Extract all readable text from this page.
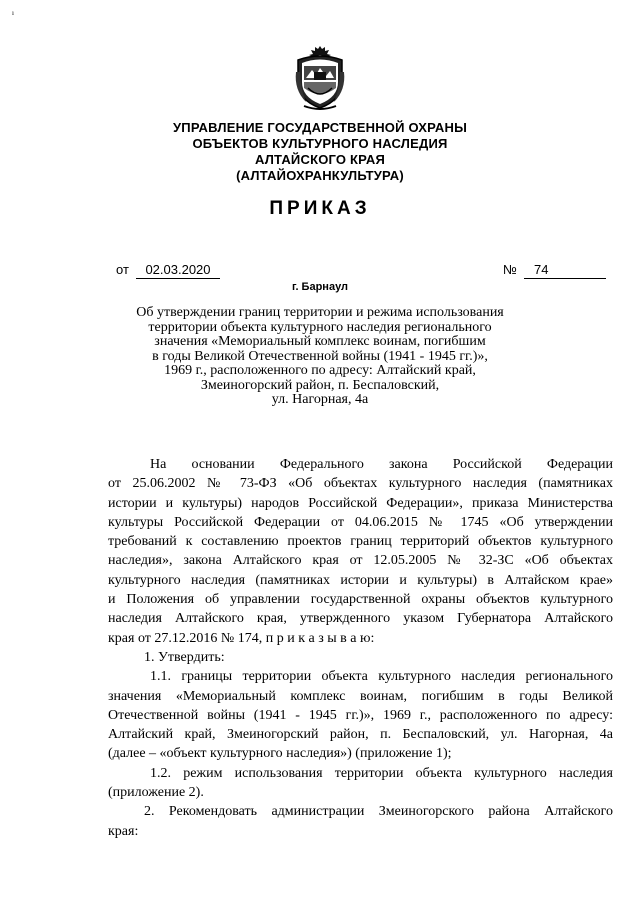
ı
УПРАВЛЕНИЕ ГОСУДАРСТВЕННОЙ ОХРАНЫ
ОБЪЕКТОВ КУЛЬТУРНОГО НАСЛЕДИЯ
АЛТАЙСКОГО КРАЯ
(АЛТАЙОХРАНКУЛЬТУРА)
ПРИКАЗ
от	02.03.2020	№	74
г. Барнаул
Об утверждении границ территории и режима использования
территории объекта культурного наследия регионального
значения «Мемориальный комплекс воинам, погибшим
в годы Великой Отечественной войны (1941 - 1945 гг.)»,
1969 г., расположенного по адресу: Алтайский край,
Змеиногорский район, п. Беспаловский,
ул. Нагорная, 4а

На основании Федерального закона Российской Федерации

от 25.06.2002 № 73-ФЗ «Об объектах культурного наследия (памятниках

истории и культуры) народов Российской Федерации», приказа Министерства

культуры Российской Федерации от 04.06.2015 № 1745 «Об утверждении

требований к составлению проектов границ территорий объектов культурного

наследия», закона Алтайского края от 12.05.2005 № 32-ЗС «Об объектах

культурного наследия (памятниках истории и культуры) в Алтайском крае»

и Положения об управлении государственной охраны объектов культурного

наследия Алтайского края, утвержденного указом Губернатора Алтайского

края от 27.12.2016 № 174, п р и к а з ы в а ю:

1. Утвердить:

1.1. границы территории объекта культурного наследия регионального

значения «Мемориальный комплекс воинам, погибшим в годы Великой

Отечественной войны (1941 - 1945 гг.)», 1969 г., расположенного по адресу:

Алтайский край, Змеиногорский район, п. Беспаловский, ул. Нагорная, 4а

(далее – «объект культурного наследия») (приложение 1);

1.2. режим использования территории объекта культурного наследия

(приложение 2).

2. Рекомендовать администрации Змеиногорского района Алтайского

края:
